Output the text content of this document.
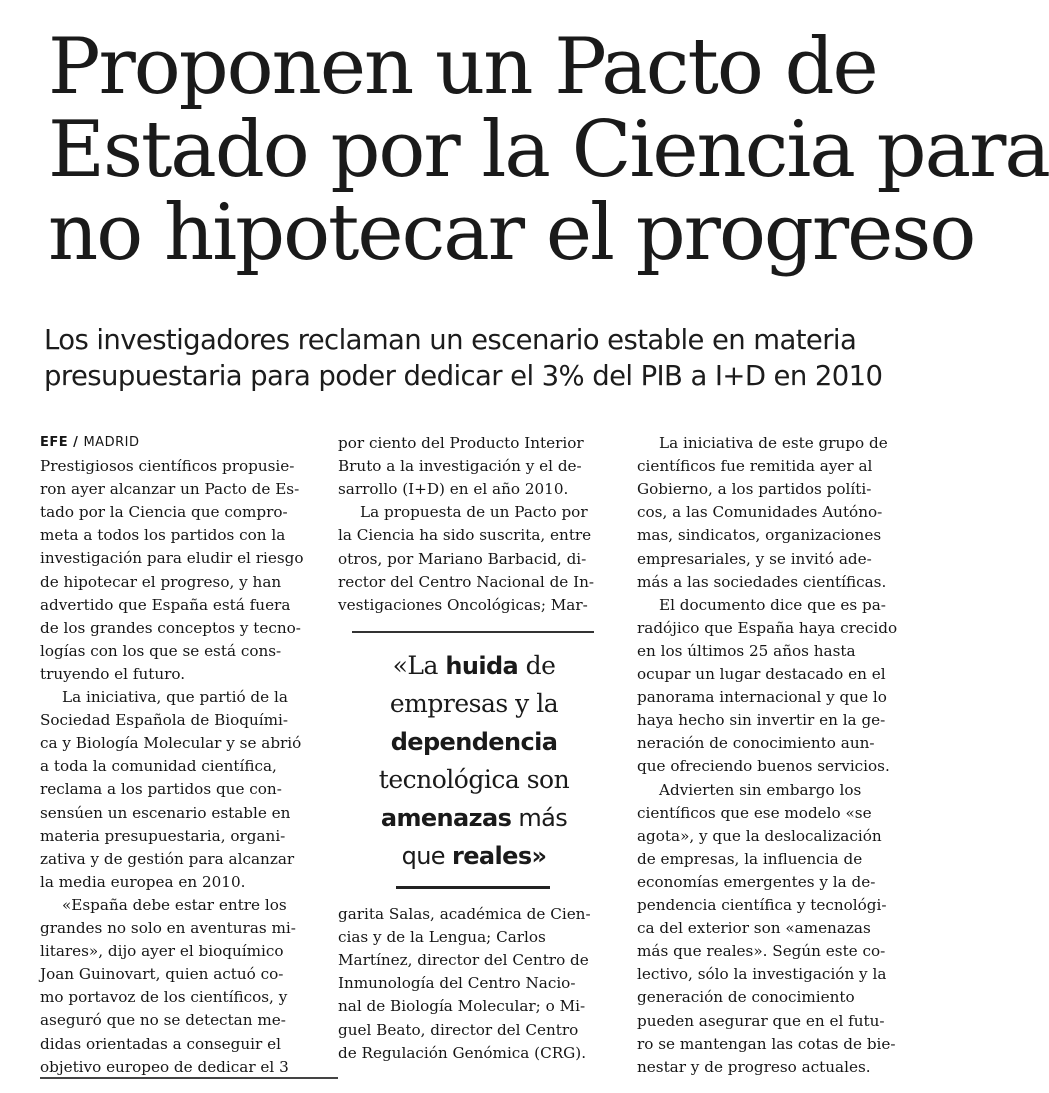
Proponen un Pacto de
Estado por la Ciencia para
no hipotecar el progreso

Los investigadores reclaman un escenario estable en materia
presupuestaria para poder dedicar el 3% del PIB a I+D en 2010

EFE / MADRID
Prestigiosos científicos propusie-
ron ayer alcanzar un Pacto de Es-
tado por la Ciencia que compro-
meta a todos los partidos con la
investigación para eludir el riesgo
de hipotecar el progreso, y han
advertido que España está fuera
de los grandes conceptos y tecno-
logías con los que se está cons-
truyendo el futuro.
La iniciativa, que partió de la
Sociedad Española de Bioquími-
ca y Biología Molecular y se abrió
a toda la comunidad científica,
reclama a los partidos que con-
sensúen un escenario estable en
materia presupuestaria, organi-
zativa y de gestión para alcanzar
la media europea en 2010.
«España debe estar entre los
grandes no solo en aventuras mi-
litares», dijo ayer el bioquímico
Joan Guinovart, quien actuó co-
mo portavoz de los científicos, y
aseguró que no se detectan me-
didas orientadas a conseguir el
objetivo europeo de dedicar el 3
por ciento del Producto Interior
Bruto a la investigación y el de-
sarrollo (I+D) en el año 2010.
La propuesta de un Pacto por
la Ciencia ha sido suscrita, entre
otros, por Mariano Barbacid, di-
rector del Centro Nacional de In-
vestigaciones Oncológicas; Mar-
garita Salas, académica de Cien-
cias y de la Lengua; Carlos
Martínez, director del Centro de
Inmunología del Centro Nacio-
nal de Biología Molecular; o Mi-
guel Beato, director del Centro
de Regulación Genómica (CRG).
La iniciativa de este grupo de
científicos fue remitida ayer al
Gobierno, a los partidos políti-
cos, a las Comunidades Autóno-
mas, sindicatos, organizaciones
empresariales, y se invitó ade-
más a las sociedades científicas.
El documento dice que es pa-
radójico que España haya crecido
en los últimos 25 años hasta
ocupar un lugar destacado en el
panorama internacional y que lo
haya hecho sin invertir en la ge-
neración de conocimiento aun-
que ofreciendo buenos servicios.
Advierten sin embargo los
científicos que ese modelo «se
agota», y que la deslocalización
de empresas, la influencia de
economías emergentes y la de-
pendencia científica y tecnológi-
ca del exterior son «amenazas
más que reales». Según este co-
lectivo, sólo la investigación y la
generación de conocimiento
pueden asegurar que en el futu-
ro se mantengan las cotas de bie-
nestar y de progreso actuales.
«La huida de
empresas y la
dependencia
tecnológica son
amenazas más
que reales»
